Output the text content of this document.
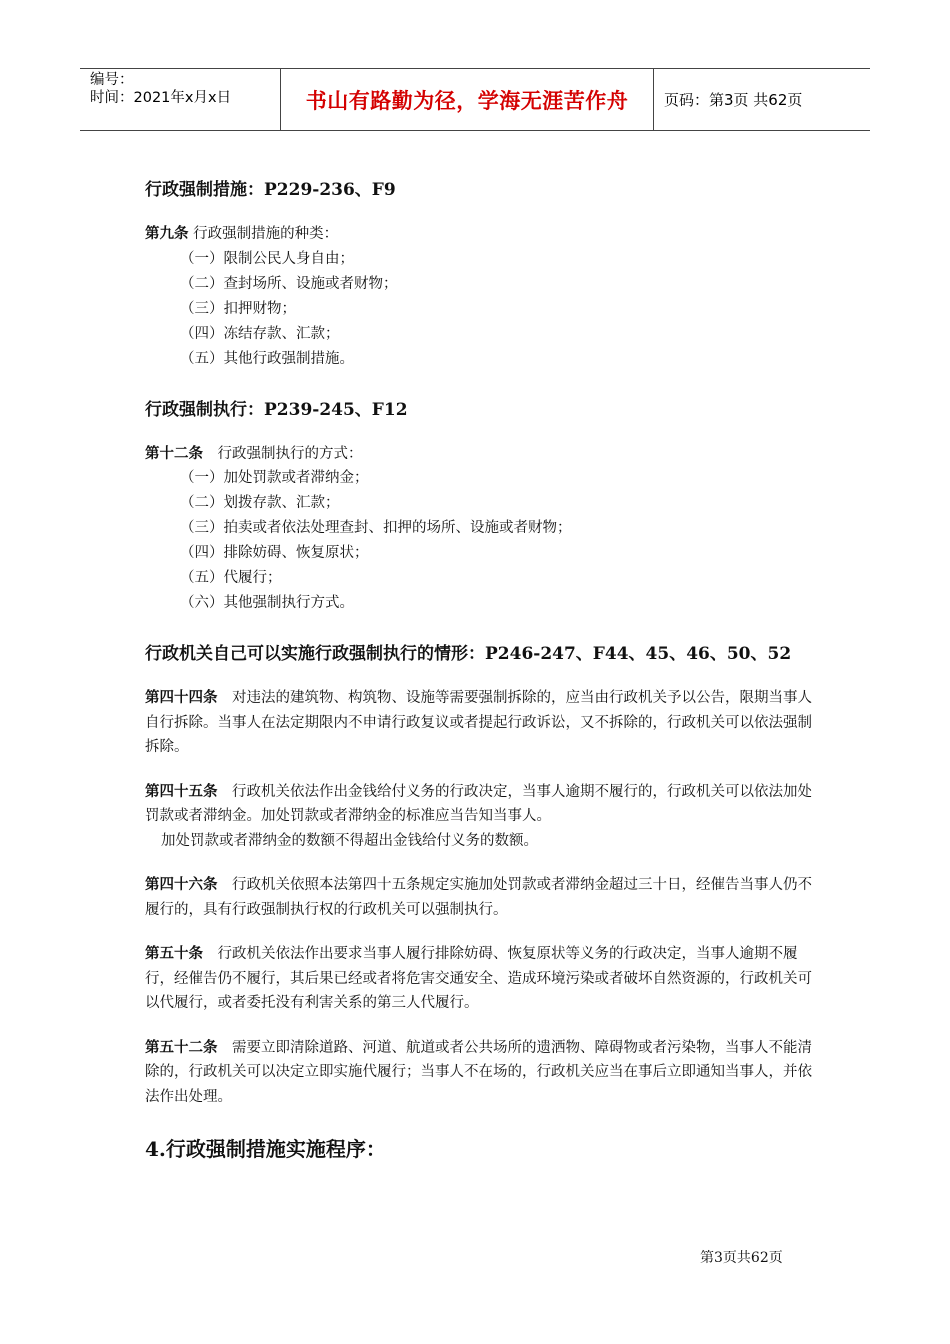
编号：
时间：2021年x月x日	书山有路勤为径，学海无涯苦作舟	页码：第3页 共62页
行政强制措施：P229-236、F9
第九条 行政强制措施的种类：
（一）限制公民人身自由；
（二）查封场所、设施或者财物；
（三）扣押财物；
（四）冻结存款、汇款；
（五）其他行政强制措施。
行政强制执行：P239-245、F12
第十二条　行政强制执行的方式：
（一）加处罚款或者滞纳金；
（二）划拨存款、汇款；
（三）拍卖或者依法处理查封、扣押的场所、设施或者财物；
（四）排除妨碍、恢复原状；
（五）代履行；
（六）其他强制执行方式。
行政机关自己可以实施行政强制执行的情形：P246-247、F44、45、46、50、52
第四十四条　对违法的建筑物、构筑物、设施等需要强制拆除的，应当由行政机关予以公告，限期当事人自行拆除。当事人在法定期限内不申请行政复议或者提起行政诉讼，又不拆除的，行政机关可以依法强制拆除。
第四十五条　行政机关依法作出金钱给付义务的行政决定，当事人逾期不履行的，行政机关可以依法加处罚款或者滞纳金。加处罚款或者滞纳金的标准应当告知当事人。
加处罚款或者滞纳金的数额不得超出金钱给付义务的数额。
第四十六条　行政机关依照本法第四十五条规定实施加处罚款或者滞纳金超过三十日，经催告当事人仍不履行的，具有行政强制执行权的行政机关可以强制执行。
第五十条　行政机关依法作出要求当事人履行排除妨碍、恢复原状等义务的行政决定，当事人逾期不履行，经催告仍不履行，其后果已经或者将危害交通安全、造成环境污染或者破坏自然资源的，行政机关可以代履行，或者委托没有利害关系的第三人代履行。
第五十二条　需要立即清除道路、河道、航道或者公共场所的遗洒物、障碍物或者污染物，当事人不能清除的，行政机关可以决定立即实施代履行；当事人不在场的，行政机关应当在事后立即通知当事人，并依法作出处理。
4.行政强制措施实施程序：
第3页共62页
